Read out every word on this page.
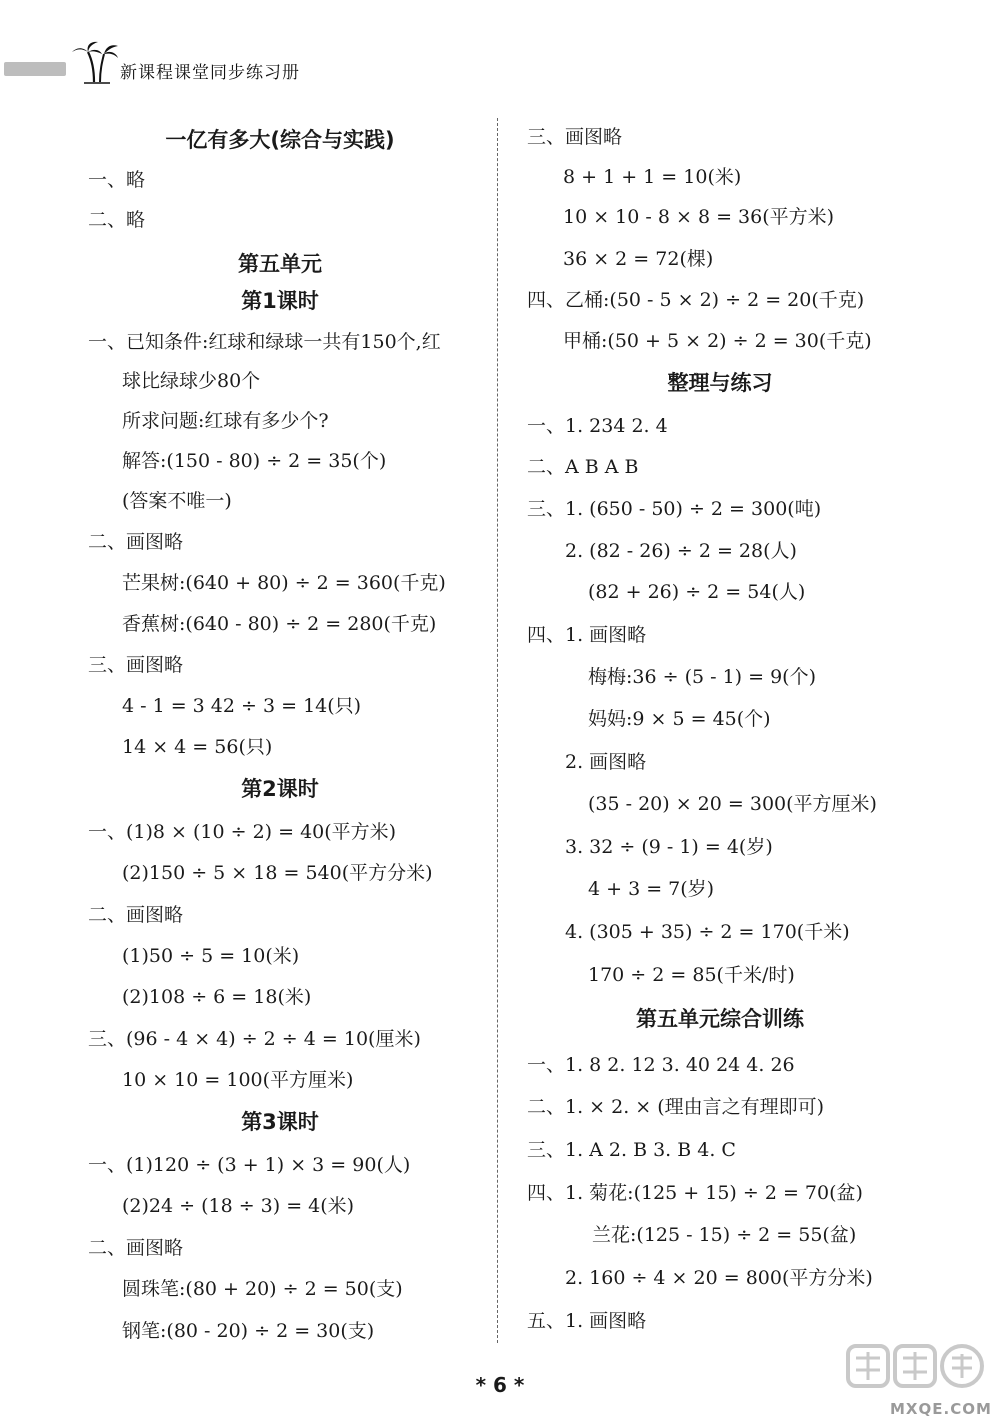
新课程课堂同步练习册
一亿有多大(综合与实践)
一、略
二、略
第五单元
第1课时
一、已知条件:红球和绿球一共有150个,红
球比绿球少80个
所求问题:红球有多少个?
解答:(150 - 80) ÷ 2 = 35(个)
(答案不唯一)
二、画图略
芒果树:(640 + 80) ÷ 2 = 360(千克)
香蕉树:(640 - 80) ÷ 2 = 280(千克)
三、画图略
4 - 1 = 3 42 ÷ 3 = 14(只)
14 × 4 = 56(只)
第2课时
一、(1)8 × (10 ÷ 2) = 40(平方米)
(2)150 ÷ 5 × 18 = 540(平方分米)
二、画图略
(1)50 ÷ 5 = 10(米)
(2)108 ÷ 6 = 18(米)
三、(96 - 4 × 4) ÷ 2 ÷ 4 = 10(厘米)
10 × 10 = 100(平方厘米)
第3课时
一、(1)120 ÷ (3 + 1) × 3 = 90(人)
(2)24 ÷ (18 ÷ 3) = 4(米)
二、画图略
圆珠笔:(80 + 20) ÷ 2 = 50(支)
钢笔:(80 - 20) ÷ 2 = 30(支)
三、画图略
8 + 1 + 1 = 10(米)
10 × 10 - 8 × 8 = 36(平方米)
36 × 2 = 72(棵)
四、乙桶:(50 - 5 × 2) ÷ 2 = 20(千克)
甲桶:(50 + 5 × 2) ÷ 2 = 30(千克)
整理与练习
一、1. 234 2. 4
二、A B A B
三、1. (650 - 50) ÷ 2 = 300(吨)
2. (82 - 26) ÷ 2 = 28(人)
(82 + 26) ÷ 2 = 54(人)
四、1. 画图略
梅梅:36 ÷ (5 - 1) = 9(个)
妈妈:9 × 5 = 45(个)
2. 画图略
(35 - 20) × 20 = 300(平方厘米)
3. 32 ÷ (9 - 1) = 4(岁)
4 + 3 = 7(岁)
4. (305 + 35) ÷ 2 = 170(千米)
170 ÷ 2 = 85(千米/时)
第五单元综合训练
一、1. 8 2. 12 3. 40 24 4. 26
二、1. × 2. × (理由言之有理即可)
三、1. A 2. B 3. B 4. C
四、1. 菊花:(125 + 15) ÷ 2 = 70(盆)
兰花:(125 - 15) ÷ 2 = 55(盆)
2. 160 ÷ 4 × 20 = 800(平方分米)
五、1. 画图略
* 6 *
MXQE.COM
